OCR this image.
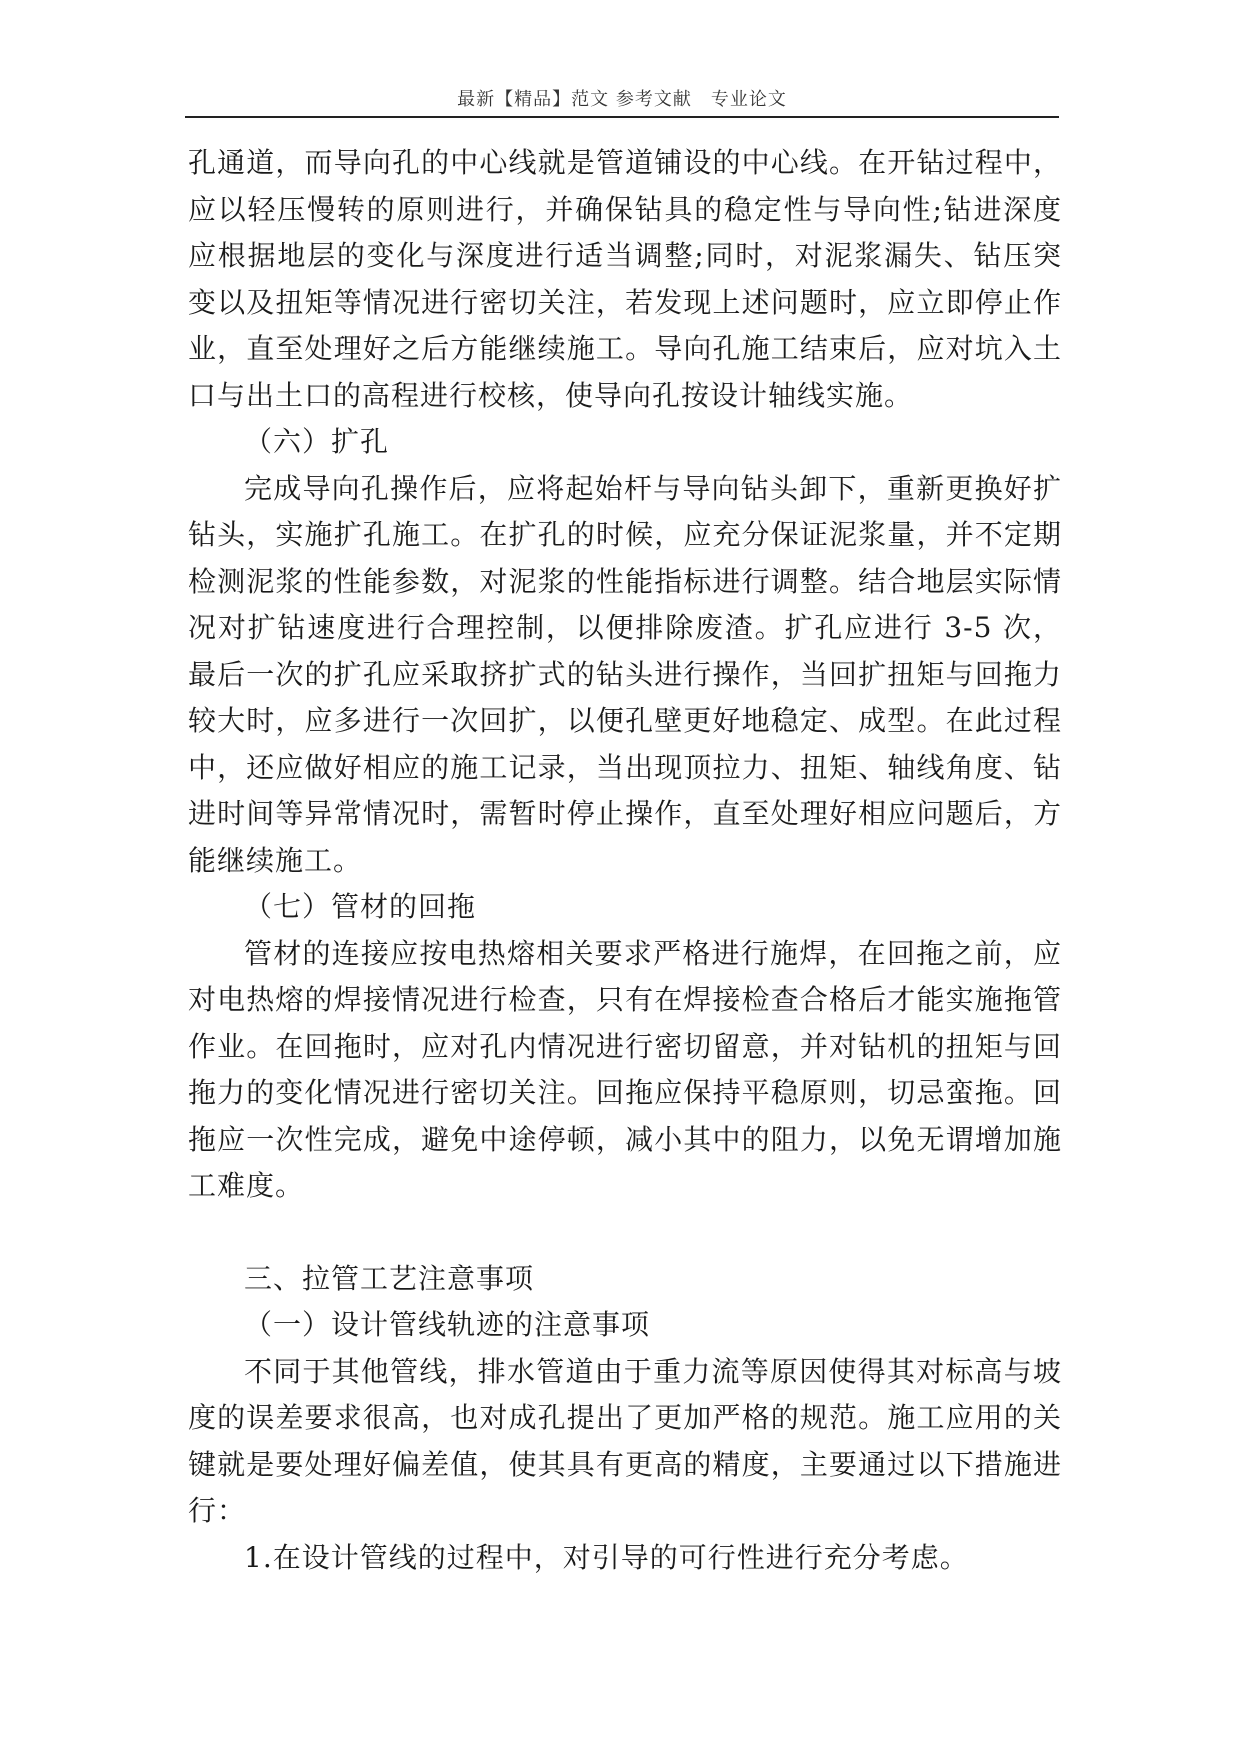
最新【精品】范文 参考文献　专业论文

孔通道，而导向孔的中心线就是管道铺设的中心线。在开钻过程中，应以轻压慢转的原则进行，并确保钻具的稳定性与导向性;钻进深度应根据地层的变化与深度进行适当调整;同时，对泥浆漏失、钻压突变以及扭矩等情况进行密切关注，若发现上述问题时，应立即停止作业，直至处理好之后方能继续施工。导向孔施工结束后，应对坑入土口与出土口的高程进行校核，使导向孔按设计轴线实施。

（六）扩孔

完成导向孔操作后，应将起始杆与导向钻头卸下，重新更换好扩钻头，实施扩孔施工。在扩孔的时候，应充分保证泥浆量，并不定期检测泥浆的性能参数，对泥浆的性能指标进行调整。结合地层实际情况对扩钻速度进行合理控制，以便排除废渣。扩孔应进行 3-5 次，最后一次的扩孔应采取挤扩式的钻头进行操作，当回扩扭矩与回拖力较大时，应多进行一次回扩，以便孔壁更好地稳定、成型。在此过程中，还应做好相应的施工记录，当出现顶拉力、扭矩、轴线角度、钻进时间等异常情况时，需暂时停止操作，直至处理好相应问题后，方能继续施工。

（七）管材的回拖

管材的连接应按电热熔相关要求严格进行施焊，在回拖之前，应对电热熔的焊接情况进行检查，只有在焊接检查合格后才能实施拖管作业。在回拖时，应对孔内情况进行密切留意，并对钻机的扭矩与回拖力的变化情况进行密切关注。回拖应保持平稳原则，切忌蛮拖。回拖应一次性完成，避免中途停顿，减小其中的阻力，以免无谓增加施工难度。

三、拉管工艺注意事项

（一）设计管线轨迹的注意事项

不同于其他管线，排水管道由于重力流等原因使得其对标高与坡度的误差要求很高，也对成孔提出了更加严格的规范。施工应用的关键就是要处理好偏差值，使其具有更高的精度，主要通过以下措施进行：

1.在设计管线的过程中，对引导的可行性进行充分考虑。
